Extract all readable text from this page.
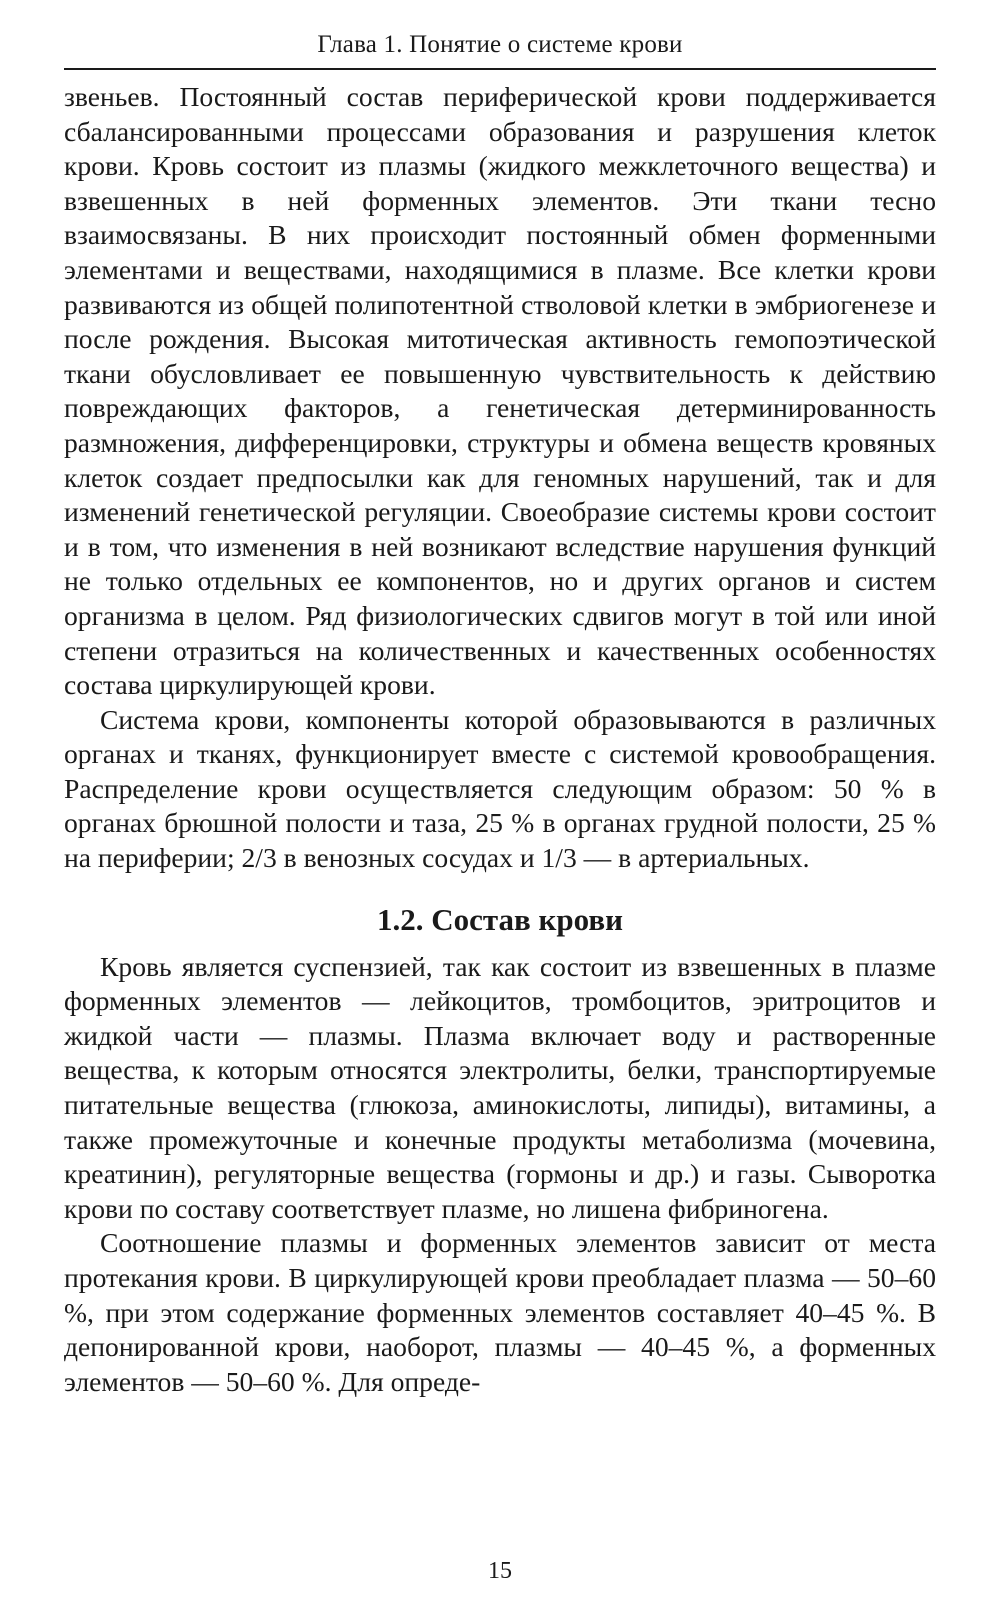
Глава 1. Понятие о системе крови

звеньев. Постоянный состав периферической крови поддерживается сбалансированными процессами образования и разрушения клеток крови. Кровь состоит из плазмы (жидкого межклеточного вещества) и взвешенных в ней форменных элементов. Эти ткани тесно взаимосвязаны. В них происходит постоянный обмен форменными элементами и веществами, находящимися в плазме. Все клетки крови развиваются из общей полипотентной стволовой клетки в эмбриогенезе и после рождения. Высокая митотическая активность гемопоэтической ткани обусловливает ее повышенную чувствительность к действию повреждающих факторов, а генетическая детерминированность размножения, дифференцировки, структуры и обмена веществ кровяных клеток создает предпосылки как для геномных нарушений, так и для изменений генетической регуляции. Своеобразие системы крови состоит и в том, что изменения в ней возникают вследствие нарушения функций не только отдельных ее компонентов, но и других органов и систем организма в целом. Ряд физиологических сдвигов могут в той или иной степени отразиться на количественных и качественных особенностях состава циркулирующей крови.

Система крови, компоненты которой образовываются в различных органах и тканях, функционирует вместе с системой кровообращения. Распределение крови осуществляется следующим образом: 50 % в органах брюшной полости и таза, 25 % в органах грудной полости, 25 % на периферии; 2/3 в венозных сосудах и 1/3 — в артериальных.

1.2. Состав крови

Кровь является суспензией, так как состоит из взвешенных в плазме форменных элементов — лейкоцитов, тромбоцитов, эритроцитов и жидкой части — плазмы. Плазма включает воду и растворенные вещества, к которым относятся электролиты, белки, транспортируемые питательные вещества (глюкоза, аминокислоты, липиды), витамины, а также промежуточные и конечные продукты метаболизма (мочевина, креатинин), регуляторные вещества (гормоны и др.) и газы. Сыворотка крови по составу соответствует плазме, но лишена фибриногена.

Соотношение плазмы и форменных элементов зависит от места протекания крови. В циркулирующей крови преобладает плазма — 50–60 %, при этом содержание форменных элементов составляет 40–45 %. В депонированной крови, наоборот, плазмы — 40–45 %, а форменных элементов — 50–60 %. Для опреде-

15
